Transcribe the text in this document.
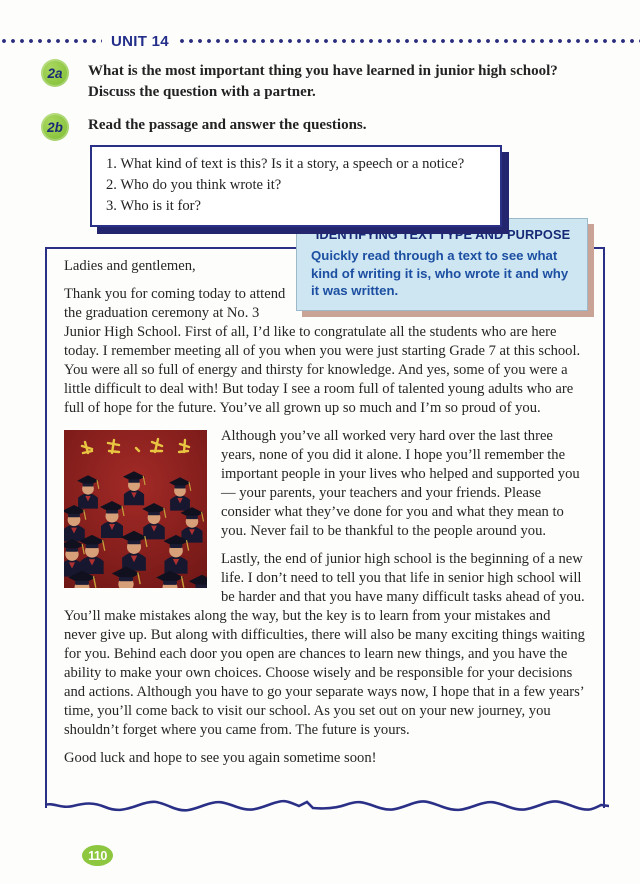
UNIT 14
2a	What is the most important thing you have learned in junior high school? Discuss the question with a partner.

2b	Read the passage and answer the questions.

1. What kind of text is this? Is it a story, a speech or a notice?
2. Who do you think wrote it?
3. Who is it for?
IDENTIFYING TEXT TYPE AND PURPOSE
Quickly read through a text to see what kind of writing it is, who wrote it and why it was written.

Ladies and gentlemen,

Thank you for coming today to attend the graduation ceremony at No. 3 Junior High School. First of all, I’d like to congratulate all the students who are here today. I remember meeting all of you when you were just starting Grade 7 at this school. You were all so full of energy and thirsty for knowledge. And yes, some of you were a little difficult to deal with! But today I see a room full of talented young adults who are full of hope for the future. You’ve all grown up so much and I’m so proud of you.

Although you’ve all worked very hard over the last three years, none of you did it alone. I hope you’ll remember the important people in your lives who helped and supported you — your parents, your teachers and your friends. Please consider what they’ve done for you and what they mean to you. Never fail to be thankful to the people around you.

Lastly, the end of junior high school is the beginning of a new life. I don’t need to tell you that life in senior high school will be harder and that you have many difficult tasks ahead of you. You’ll make mistakes along the way, but the key is to learn from your mistakes and never give up. But along with difficulties, there will also be many exciting things waiting for you. Behind each door you open are chances to learn new things, and you have the ability to make your own choices. Choose wisely and be responsible for your decisions and actions. Although you have to go your separate ways now, I hope that in a few years’ time, you’ll come back to visit our school. As you set out on your new journey, you shouldn’t forget where you came from. The future is yours.

Good luck and hope to see you again sometime soon!

110
